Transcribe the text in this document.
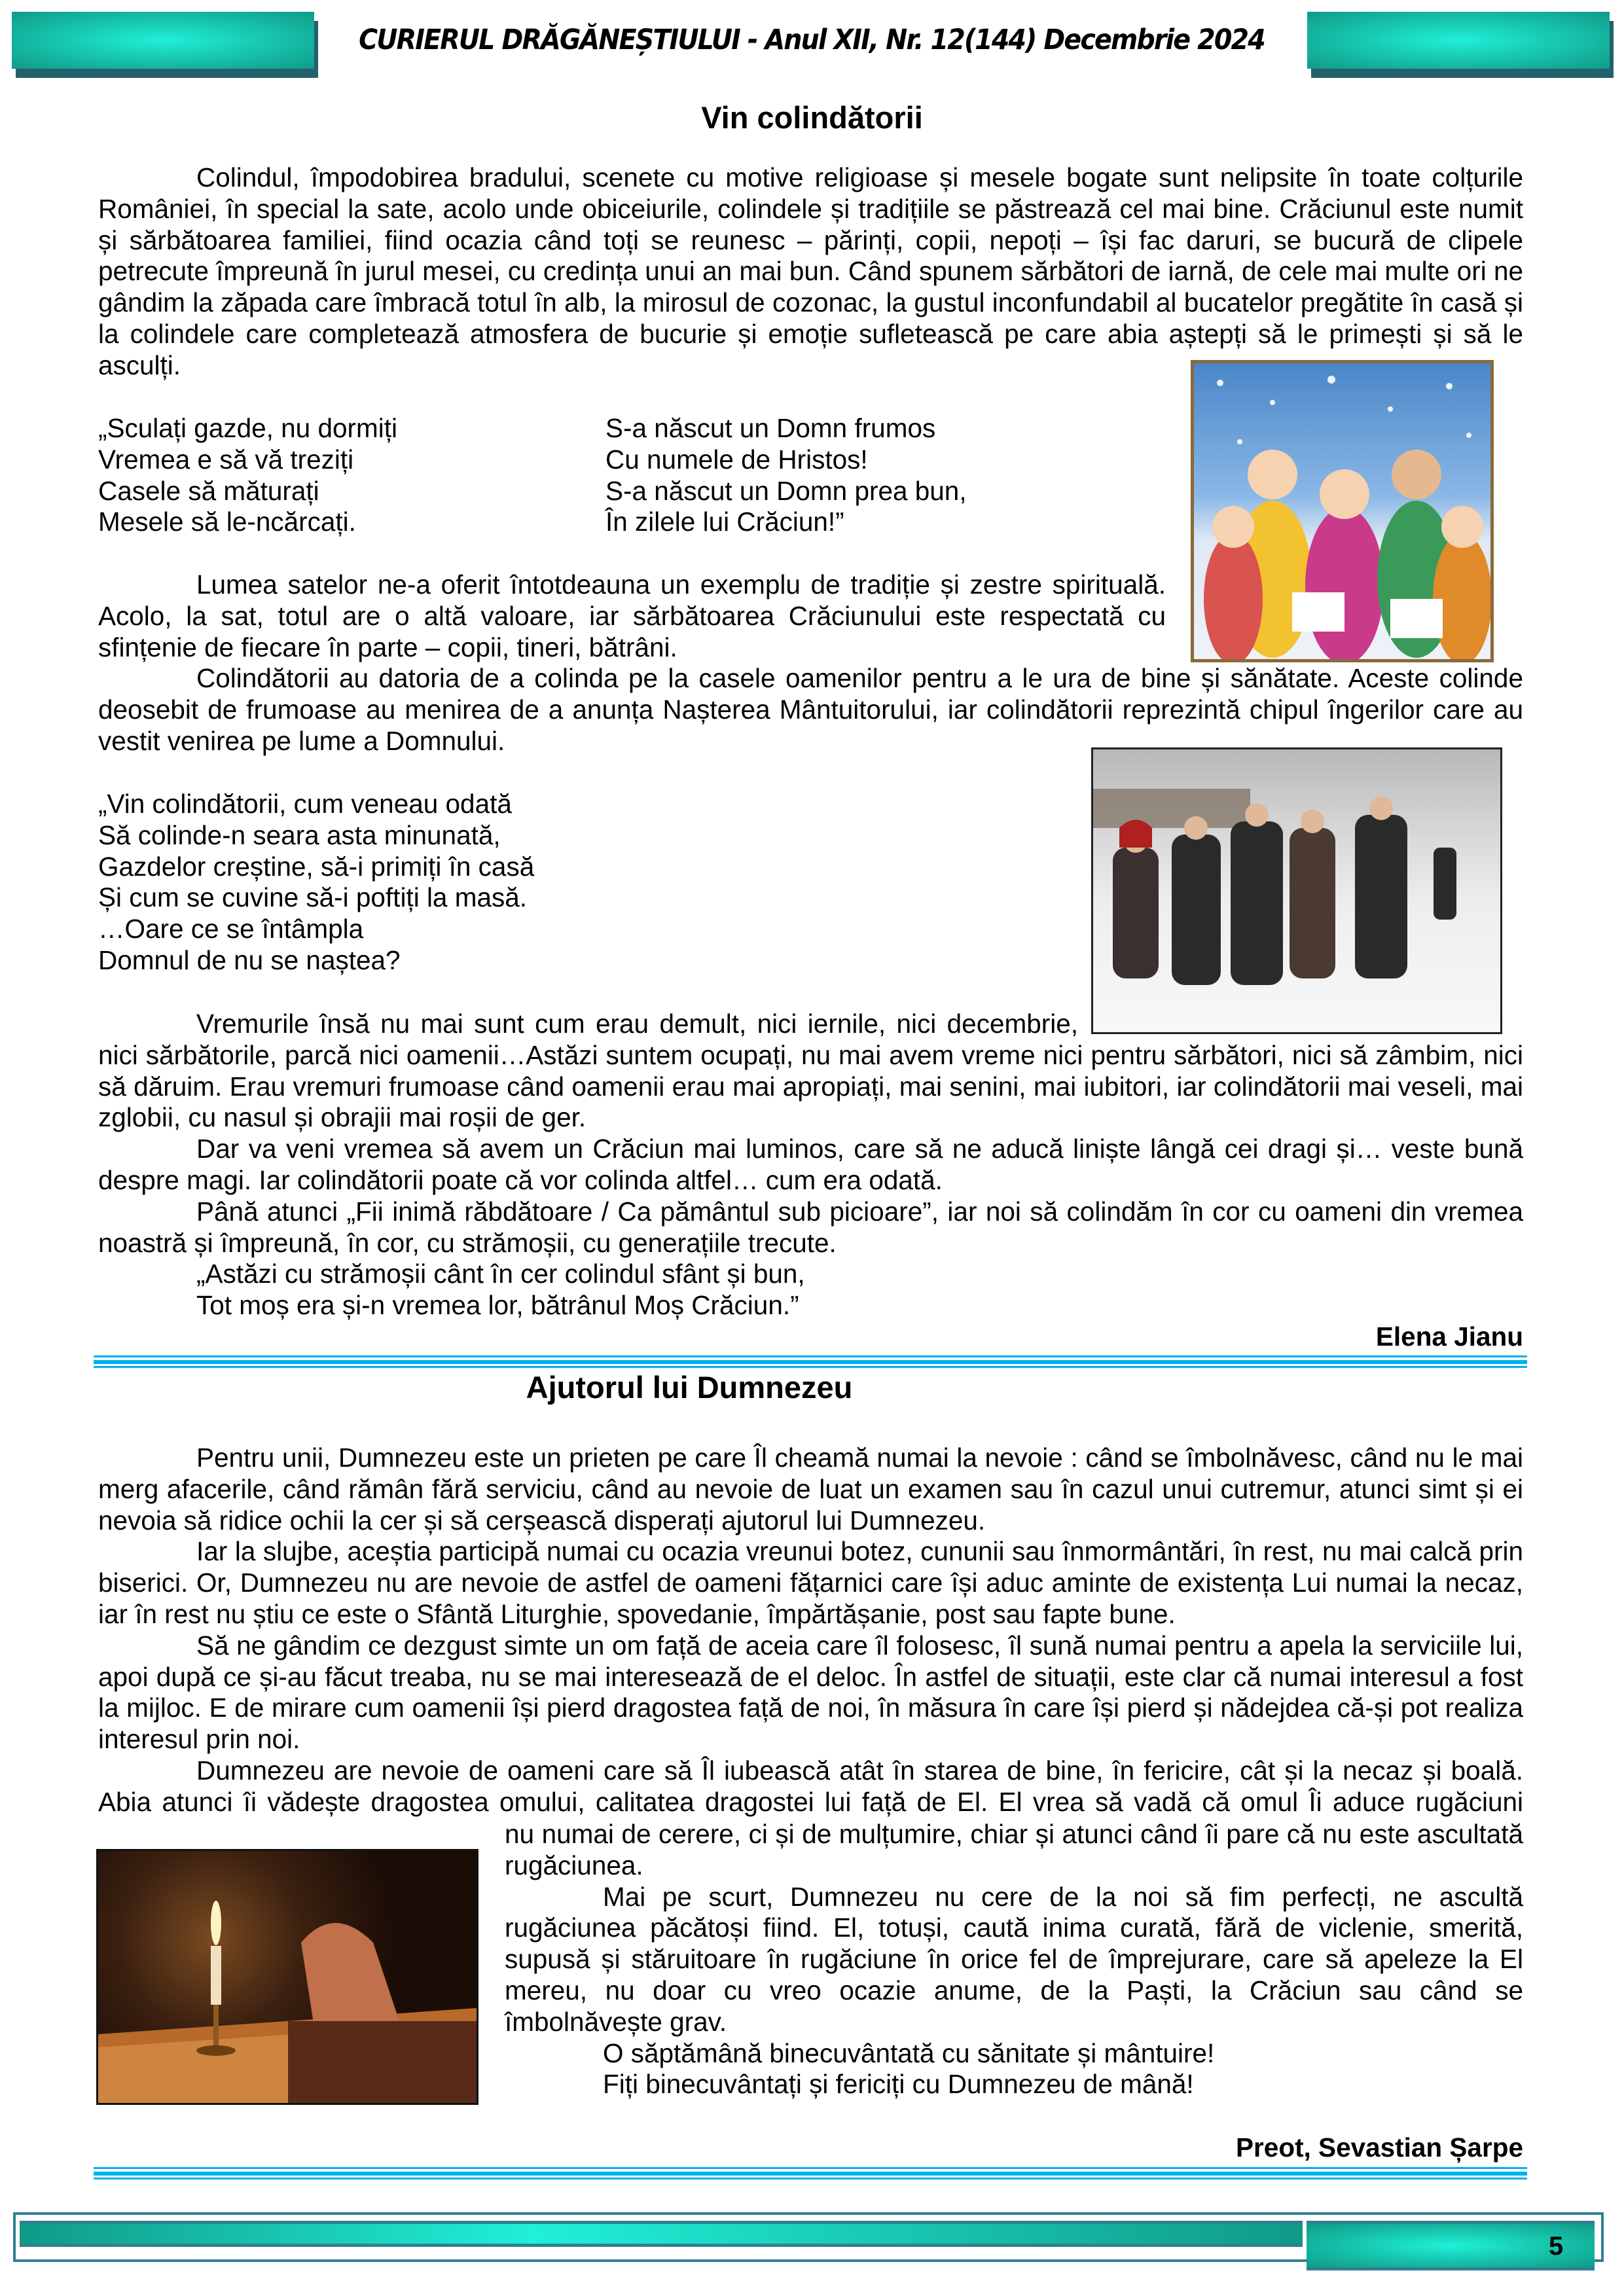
CURIERUL DRĂGĂNEȘTIULUI - Anul XII, Nr. 12(144) Decembrie 2024
Vin colindătorii

Colindul, împodobirea bradului, scenete cu motive religioase și mesele bogate sunt nelipsite în toate colțurile României, în special la sate, acolo unde obiceiurile, colindele și tradițiile se păstrează cel mai bine. Crăciunul este numit și sărbătoarea familiei, fiind ocazia când toți se reunesc – părinți, copii, nepoți – își fac daruri, se bucură de clipele petrecute împreună în jurul mesei, cu credința unui an mai bun. Când spunem sărbători de iarnă, de cele mai multe ori ne gândim la zăpada care îmbracă totul în alb, la mirosul de cozonac, la gustul inconfundabil al bucatelor pregătite în casă și la colindele care completează atmosfera de bucurie și emoție sufletească pe care abia aștepți să le primești și să le asculți.

„Sculați gazde, nu dormiți

Vremea e să vă treziți

Casele să măturați

Mesele să le-ncărcați.

S-a născut un Domn frumos

Cu numele de Hristos!

S-a născut un Domn prea bun,

În zilele lui Crăciun!”

Lumea satelor ne-a oferit întotdeauna un exemplu de tradiție și zestre spirituală. Acolo, la sat, totul are o altă valoare, iar sărbătoarea Crăciunului este respectată cu sfințenie de fiecare în parte – copii, tineri, bătrâni.

Colindătorii au datoria de a colinda pe la casele oamenilor pentru a le ura de bine și sănătate. Aceste colinde deosebit de frumoase au menirea de a anunța Nașterea Mântuitorului, iar colindătorii reprezintă chipul îngerilor care au vestit venirea pe lume a Domnului.

„Vin colindătorii, cum veneau odată

Să colinde-n seara asta minunată,

Gazdelor creștine, să-i primiți în casă

Și cum se cuvine să-i poftiți la masă.

…Oare ce se întâmpla

Domnul de nu se naștea?

Vremurile însă nu mai sunt cum erau demult, nici iernile, nici decembrie, nici sărbătorile, parcă nici oamenii…Astăzi suntem ocupați, nu mai avem vreme nici pentru sărbători, nici să zâmbim, nici să dăruim. Erau vremuri frumoase când oamenii erau mai apropiați, mai senini, mai iubitori, iar colindătorii mai veseli, mai zglobii, cu nasul și obrajii mai roșii de ger.

Dar va veni vremea să avem un Crăciun mai luminos, care să ne aducă liniște lângă cei dragi și… veste bună despre magi. Iar colindătorii poate că vor colinda altfel… cum era odată.

Până atunci „Fii inimă răbdătoare / Ca pământul sub picioare”, iar noi să colindăm în cor cu oameni din vremea noastră și împreună, în cor, cu strămoșii, cu generațiile trecute.

„Astăzi cu strămoșii cânt în cer colindul sfânt și bun,

Tot moș era și-n vremea lor, bătrânul Moș Crăciun.”

Elena Jianu

Ajutorul lui Dumnezeu

Pentru unii, Dumnezeu este un prieten pe care Îl cheamă numai la nevoie : când se îmbolnăvesc, când nu le mai merg afacerile, când rămân fără serviciu, când au nevoie de luat un examen sau în cazul unui cutremur, atunci simt și ei nevoia să ridice ochii la cer și să cerșească disperați ajutorul lui Dumnezeu.

Iar la slujbe, aceștia participă numai cu ocazia vreunui botez, cununii sau înmormântări, în rest, nu mai calcă prin biserici. Or, Dumnezeu nu are nevoie de astfel de oameni fățarnici care își aduc aminte de existența Lui numai la necaz, iar în rest nu știu ce este o Sfântă Liturghie, spovedanie, împărtășanie, post sau fapte bune.

Să ne gândim ce dezgust simte un om față de aceia care îl folosesc, îl sună numai pentru a apela la serviciile lui, apoi după ce și-au făcut treaba, nu se mai interesează de el deloc. În astfel de situații, este clar că numai interesul a fost la mijloc. E de mirare cum oamenii își pierd dragostea față de noi, în măsura în care își pierd și nădejdea că-și pot realiza interesul prin noi.

Dumnezeu are nevoie de oameni care să Îl iubească atât în starea de bine, în fericire, cât și la necaz și boală. Abia atunci îi vădește dragostea omului, calitatea dragostei lui față de El. El vrea să vadă că omul Îi aduce rugăciuni

nu numai de cerere, ci și de mulțumire, chiar și atunci când îi pare că nu este ascultată rugăciunea.

Mai pe scurt, Dumnezeu nu cere de la noi să fim perfecți, ne ascultă rugăciunea păcătoși fiind. El, totuși, caută inima curată, fără de viclenie, smerită, supusă și stăruitoare în rugăciune în orice fel de împrejurare, care să apeleze la El mereu, nu doar cu vreo ocazie anume, de la Paști, la Crăciun sau când se îmbolnăvește grav.

O săptămână binecuvântată cu sănitate și mântuire!

Fiți binecuvântați și fericiți cu Dumnezeu de mână!

Preot, Sevastian Șarpe

5
